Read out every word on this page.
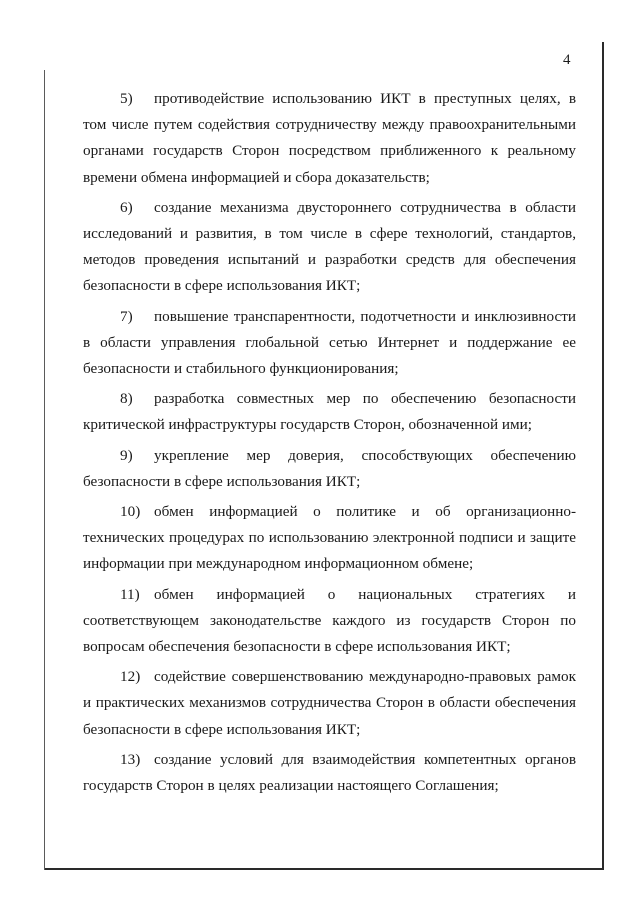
4

5) противодействие использованию ИКТ в преступных целях, в том числе путем содействия сотрудничеству между правоохранительными органами государств Сторон посредством приближенного к реальному времени обмена информацией и сбора доказательств;

6) создание механизма двустороннего сотрудничества в области исследований и развития, в том числе в сфере технологий, стандартов, методов проведения испытаний и разработки средств для обеспечения безопасности в сфере использования ИКТ;

7) повышение транспарентности, подотчетности и инклюзивности в области управления глобальной сетью Интернет и поддержание ее безопасности и стабильного функционирования;

8) разработка совместных мер по обеспечению безопасности критической инфраструктуры государств Сторон, обозначенной ими;

9) укрепление мер доверия, способствующих обеспечению безопасности в сфере использования ИКТ;

10) обмен информацией о политике и об организационно-технических процедурах по использованию электронной подписи и защите информации при международном информационном обмене;

11) обмен информацией о национальных стратегиях и соответствующем законодательстве каждого из государств Сторон по вопросам обеспечения безопасности в сфере использования ИКТ;

12) содействие совершенствованию международно-правовых рамок и практических механизмов сотрудничества Сторон в области обеспечения безопасности в сфере использования ИКТ;

13) создание условий для взаимодействия компетентных органов государств Сторон в целях реализации настоящего Соглашения;
